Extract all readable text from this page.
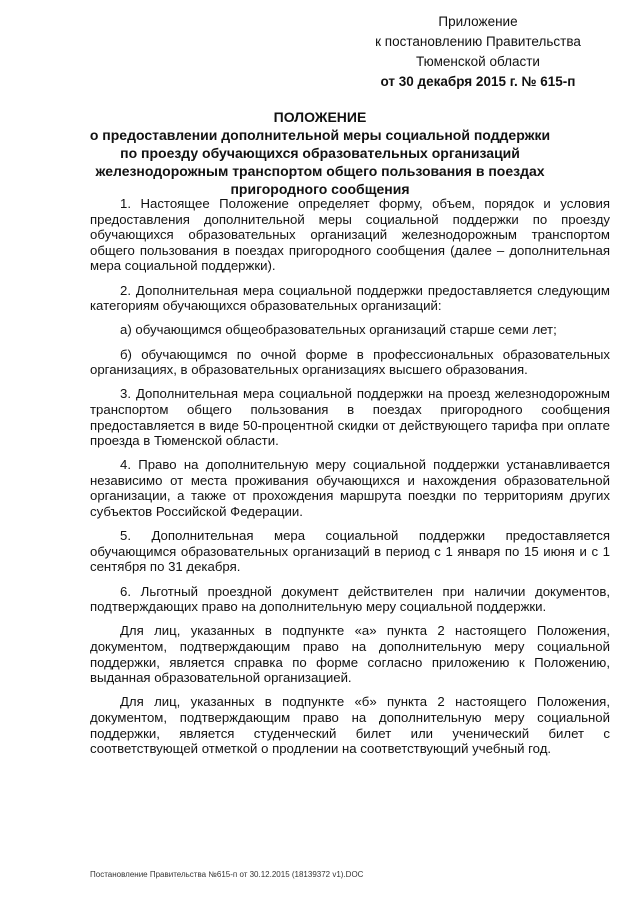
Приложение
к постановлению Правительства
Тюменской области
от 30 декабря 2015 г. № 615-п
ПОЛОЖЕНИЕ
о предоставлении дополнительной меры социальной поддержки по проезду обучающихся образовательных организаций железнодорожным транспортом общего пользования в поездах пригородного сообщения

1. Настоящее Положение определяет форму, объем, порядок и условия предоставления дополнительной меры социальной поддержки по проезду обучающихся образовательных организаций железнодорожным транспортом общего пользования в поездах пригородного сообщения (далее – дополнительная мера социальной поддержки).

2. Дополнительная мера социальной поддержки предоставляется следующим категориям обучающихся образовательных организаций:

а) обучающимся общеобразовательных организаций старше семи лет;

б) обучающимся по очной форме в профессиональных образовательных организациях, в образовательных организациях высшего образования.

3. Дополнительная мера социальной поддержки на проезд железнодорожным транспортом общего пользования в поездах пригородного сообщения предоставляется в виде 50-процентной скидки от действующего тарифа при оплате проезда в Тюменской области.

4. Право на дополнительную меру социальной поддержки устанавливается независимо от места проживания обучающихся и нахождения образовательной организации, а также от прохождения маршрута поездки по территориям других субъектов Российской Федерации.

5. Дополнительная мера социальной поддержки предоставляется обучающимся образовательных организаций в период с 1 января по 15 июня и с 1 сентября по 31 декабря.

6. Льготный проездной документ действителен при наличии документов, подтверждающих право на дополнительную меру социальной поддержки.

Для лиц, указанных в подпункте «а» пункта 2 настоящего Положения, документом, подтверждающим право на дополнительную меру социальной поддержки, является справка по форме согласно приложению к Положению, выданная образовательной организацией.

Для лиц, указанных в подпункте «б» пункта 2 настоящего Положения, документом, подтверждающим право на дополнительную меру социальной поддержки, является студенческий билет или ученический билет с соответствующей отметкой о продлении на соответствующий учебный год.

Постановление Правительства №615-п от 30.12.2015 (18139372 v1).DOC
